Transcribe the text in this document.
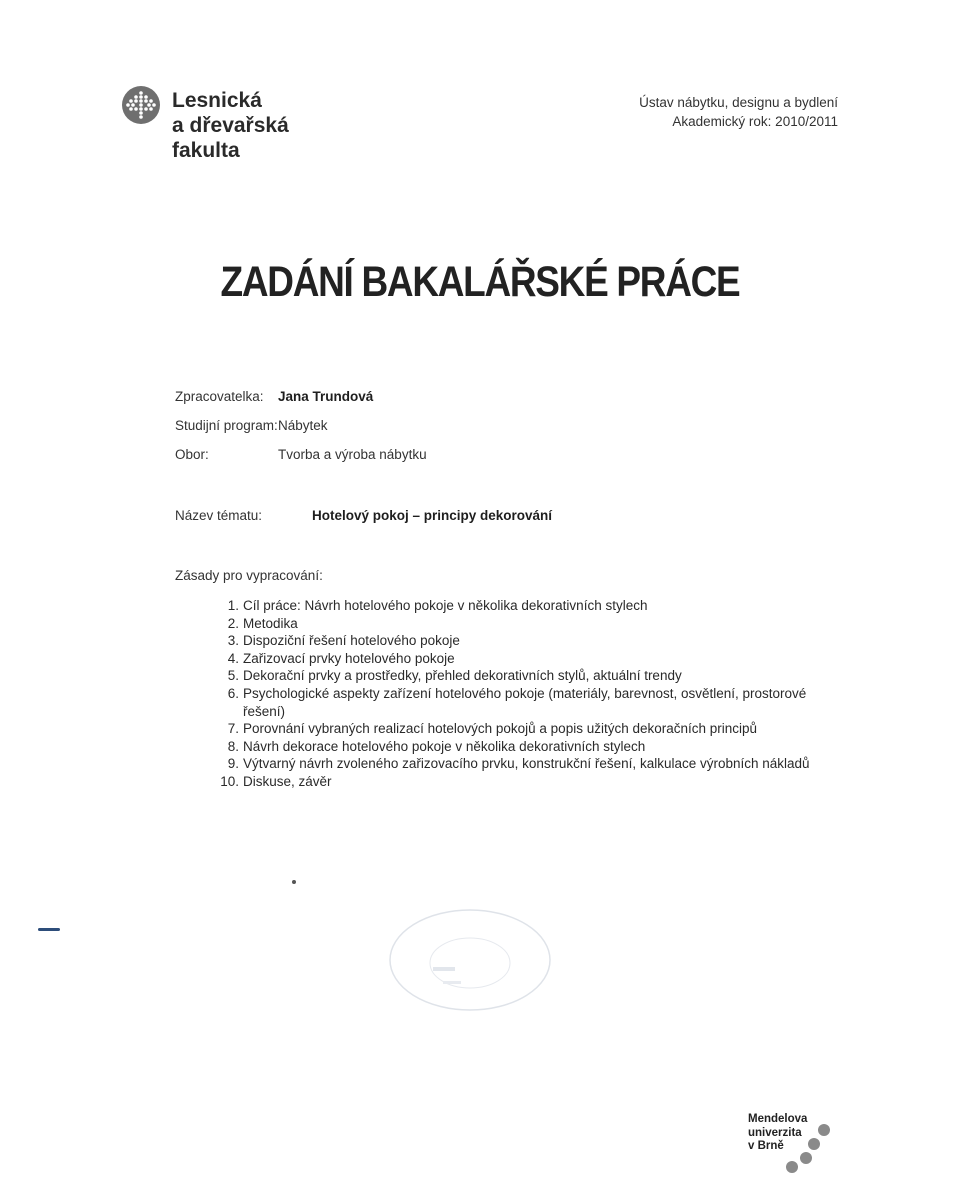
Lesnická
a dřevařská
fakulta
Ústav nábytku, designu a bydlení
Akademický rok: 2010/2011
ZADÁNÍ BAKALÁŘSKÉ PRÁCE
Zpracovatelka: Jana Trundová
Studijní program: Nábytek
Obor:	Tvorba a výroba nábytku
Název tématu:	Hotelový pokoj – principy dekorování
Zásady pro vypracování:
1. Cíl práce: Návrh hotelového pokoje v několika dekorativních stylech
2. Metodika
3. Dispoziční řešení hotelového pokoje
4. Zařizovací prvky hotelového pokoje
5. Dekorační prvky a prostředky, přehled dekorativních stylů, aktuální trendy
6. Psychologické aspekty zařízení hotelového pokoje (materiály, barevnost, osvětlení, prostorové řešení)
7. Porovnání vybraných realizací hotelových pokojů a popis užitých dekoračních principů
8. Návrh dekorace hotelového pokoje v několika dekorativních stylech
9. Výtvarný návrh zvoleného zařizovacího prvku, konstrukční řešení, kalkulace výrobních nákladů
10. Diskuse, závěr
Mendelova
univerzita
v Brně
